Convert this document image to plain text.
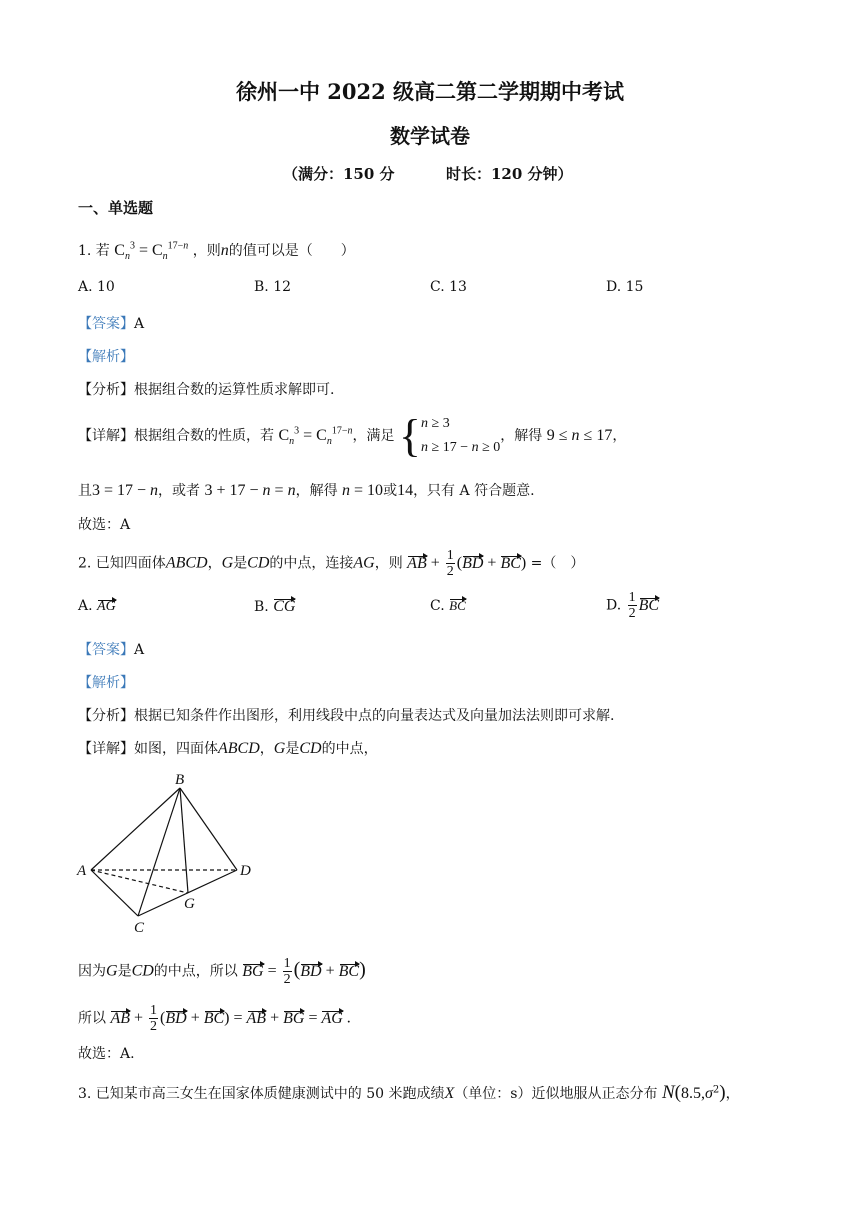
徐州一中 2022 级高二第二学期期中考试
数学试卷
（满分：150 分	时长：120 分钟）
一、单选题
1. 若 $C_n^3 = C_n^{17-n}$ ，则n的值可以是（　　）
A. 10	B. 12	C. 13	D. 15
【答案】A
【解析】
【分析】根据组合数的运算性质求解即可.
【详解】根据组合数的性质，若 $C_n^3 = C_n^{17-n}$，满足 {n ≥ 3
n ≥ 17 − n ≥ 0，解得 9 ≤ n ≤ 17，
且3 = 17 − n，或者 3 + 17 − n = n，解得 n = 10或14，只有 A 符合题意.
故选：A
2. 已知四面体ABCD，G是CD的中点，连接AG，则 AB + $\frac{1}{2} (BD + BC)$ =（　）
A. AG	B. CG	C. BC	D. $\frac{1}{2}$ BC
【答案】A
【解析】
【分析】根据已知条件作出图形，利用线段中点的向量表达式及向量加法法则即可求解.
【详解】如图，四面体ABCD，G是CD的中点，
B
A	D
G
C
因为G是CD的中点，所以 BG = $\frac{1}{2} (BD + BC)$
所以 AB + $\frac{1}{2} (BD + BC)$ = AB + BG = AG .
故选：A.
3. 已知某市高三女生在国家体质健康测试中的 50 米跑成绩X（单位：s）近似地服从正态分布 $N(8.5,\sigma^2)$，
